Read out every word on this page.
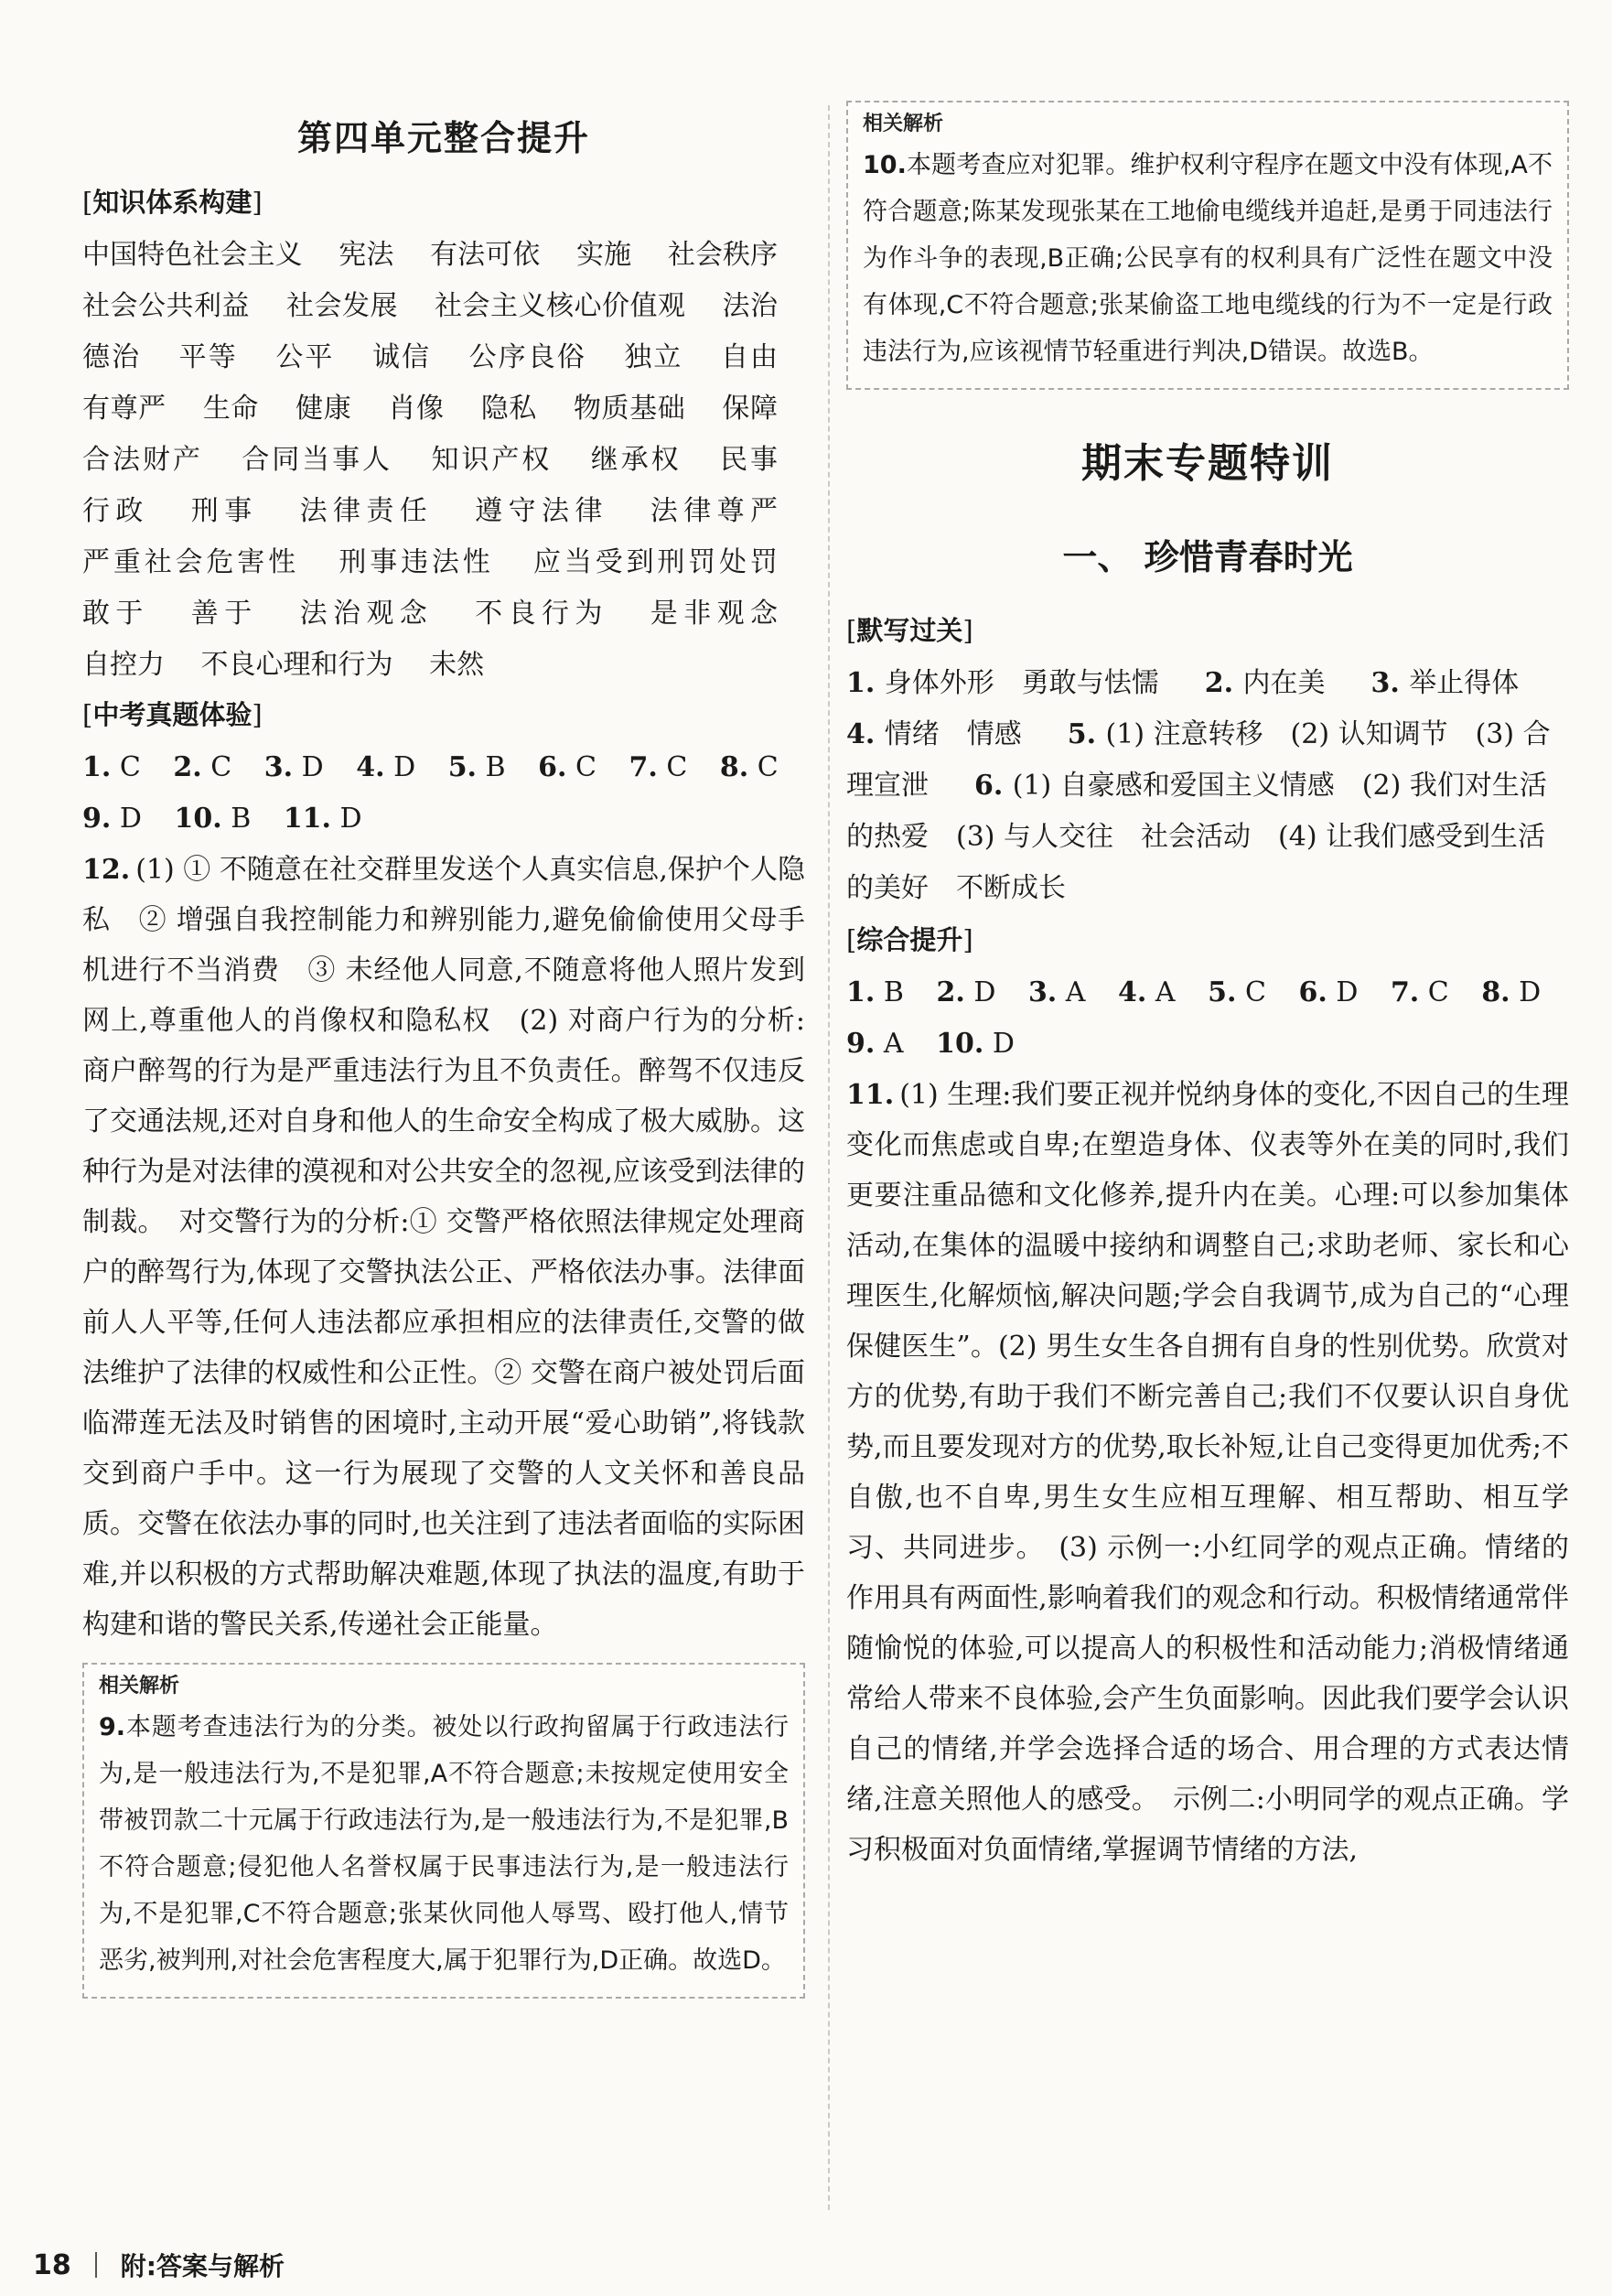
第四单元整合提升
[知识体系构建]

中国特色社会主义 宪法 有法可依 实施 社会秩序 社会公共利益 社会发展 社会主义核心价值观 法治 德治 平等 公平 诚信 公序良俗 独立 自由 有尊严 生命 健康 肖像 隐私 物质基础 保障 合法财产 合同当事人 知识产权 继承权 民事 行政 刑事 法律责任 遵守法律 法律尊严 严重社会危害性 刑事违法性 应当受到刑罚处罚 敢于 善于 法治观念 不良行为 是非观念 自控力 不良心理和行为 未然

[中考真题体验]

1. C 2. C 3. D 4. D 5. B 6. C 7. C 8. C 9. D 10. B 11. D

12. (1) ① 不随意在社交群里发送个人真实信息,保护个人隐私　② 增强自我控制能力和辨别能力,避免偷偷使用父母手机进行不当消费　③ 未经他人同意,不随意将他人照片发到网上,尊重他人的肖像权和隐私权　(2) 对商户行为的分析:商户醉驾的行为是严重违法行为且不负责任。醉驾不仅违反了交通法规,还对自身和他人的生命安全构成了极大威胁。这种行为是对法律的漠视和对公共安全的忽视,应该受到法律的制裁。　对交警行为的分析:① 交警严格依照法律规定处理商户的醉驾行为,体现了交警执法公正、严格依法办事。法律面前人人平等,任何人违法都应承担相应的法律责任,交警的做法维护了法律的权威性和公正性。② 交警在商户被处罚后面临滞莲无法及时销售的困境时,主动开展“爱心助销”,将钱款交到商户手中。这一行为展现了交警的人文关怀和善良品质。交警在依法办事的同时,也关注到了违法者面临的实际困难,并以积极的方式帮助解决难题,体现了执法的温度,有助于构建和谐的警民关系,传递社会正能量。

相关解析

9.本题考查违法行为的分类。被处以行政拘留属于行政违法行为,是一般违法行为,不是犯罪,A不符合题意;未按规定使用安全带被罚款二十元属于行政违法行为,是一般违法行为,不是犯罪,B不符合题意;侵犯他人名誉权属于民事违法行为,是一般违法行为,不是犯罪,C不符合题意;张某伙同他人辱骂、殴打他人,情节恶劣,被判刑,对社会危害程度大,属于犯罪行为,D正确。故选D。

相关解析

10.本题考查应对犯罪。维护权利守程序在题文中没有体现,A不符合题意;陈某发现张某在工地偷电缆线并追赶,是勇于同违法行为作斗争的表现,B正确;公民享有的权利具有广泛性在题文中没有体现,C不符合题意;张某偷盗工地电缆线的行为不一定是行政违法行为,应该视情节轻重进行判决,D错误。故选B。

期末专题特训
一、 珍惜青春时光
[默写过关]

1. 身体外形　勇敢与怯懦　 2. 内在美　 3. 举止得体　4. 情绪　情感　 5. (1) 注意转移　(2) 认知调节　(3) 合理宣泄　 6. (1) 自豪感和爱国主义情感　(2) 我们对生活的热爱　(3) 与人交往　社会活动　(4) 让我们感受到生活的美好　不断成长　

[综合提升]

1. B 2. D 3. A 4. A 5. C 6. D 7. C 8. D 9. A 10. D

11. (1) 生理:我们要正视并悦纳身体的变化,不因自己的生理变化而焦虑或自卑;在塑造身体、仪表等外在美的同时,我们更要注重品德和文化修养,提升内在美。心理:可以参加集体活动,在集体的温暖中接纳和调整自己;求助老师、家长和心理医生,化解烦恼,解决问题;学会自我调节,成为自己的“心理保健医生”。(2) 男生女生各自拥有自身的性别优势。欣赏对方的优势,有助于我们不断完善自己;我们不仅要认识自身优势,而且要发现对方的优势,取长补短,让自己变得更加优秀;不自傲,也不自卑,男生女生应相互理解、相互帮助、相互学习、共同进步。　(3) 示例一:小红同学的观点正确。情绪的作用具有两面性,影响着我们的观念和行动。积极情绪通常伴随愉悦的体验,可以提高人的积极性和活动能力;消极情绪通常给人带来不良体验,会产生负面影响。因此我们要学会认识自己的情绪,并学会选择合适的场合、用合理的方式表达情绪,注意关照他人的感受。　示例二:小明同学的观点正确。学习积极面对负面情绪,掌握调节情绪的方法,

18 附:答案与解析
